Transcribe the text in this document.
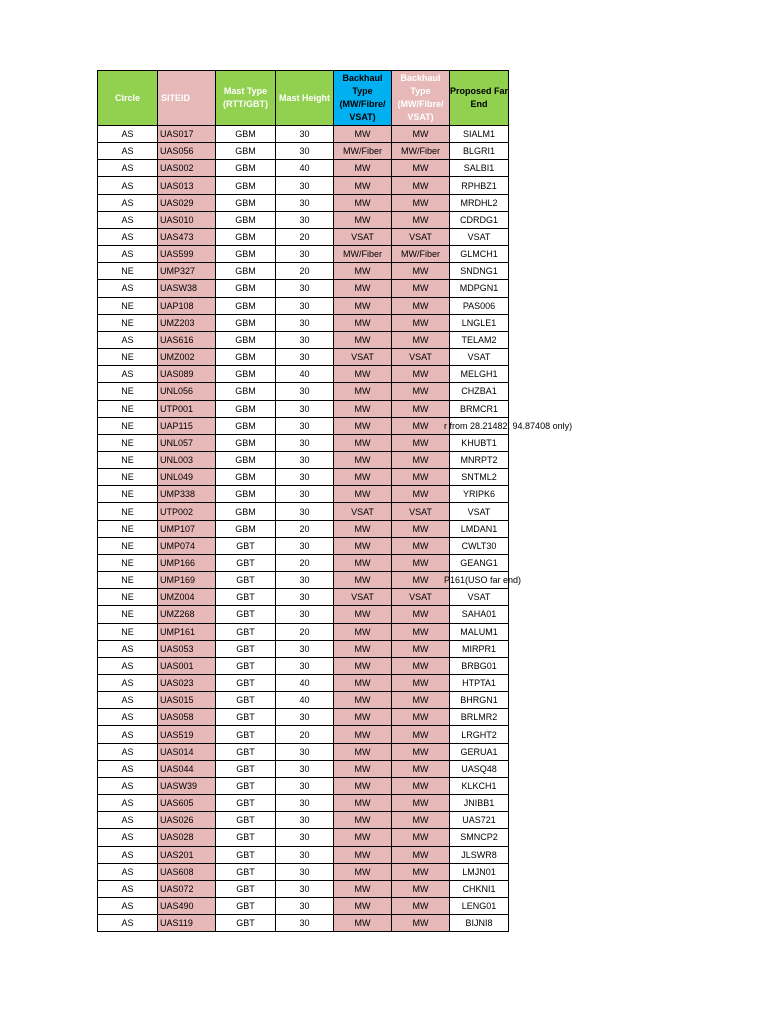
Circle	SITEID	Mast Type (RTT/GBT)	Mast Height	Backhaul Type (MW/Fibre/ VSAT)	Backhaul Type (MW/Fibre/ VSAT)	Proposed Far End
AS	UAS017	GBM	30	MW	MW	SIALM1
AS	UAS056	GBM	30	MW/Fiber	MW/Fiber	BLGRI1
AS	UAS002	GBM	40	MW	MW	SALBI1
AS	UAS013	GBM	30	MW	MW	RPHBZ1
AS	UAS029	GBM	30	MW	MW	MRDHL2
AS	UAS010	GBM	30	MW	MW	CDRDG1
AS	UAS473	GBM	20	VSAT	VSAT	VSAT
AS	UAS599	GBM	30	MW/Fiber	MW/Fiber	GLMCH1
NE	UMP327	GBM	20	MW	MW	SNDNG1
AS	UASW38	GBM	30	MW	MW	MDPGN1
NE	UAP108	GBM	30	MW	MW	PAS006
NE	UMZ203	GBM	30	MW	MW	LNGLE1
AS	UAS616	GBM	30	MW	MW	TELAM2
NE	UMZ002	GBM	30	VSAT	VSAT	VSAT
AS	UAS089	GBM	40	MW	MW	MELGH1
NE	UNL056	GBM	30	MW	MW	CHZBA1
NE	UTP001	GBM	30	MW	MW	BRMCR1
NE	UAP115	GBM	30	MW	MW	r from 28.21482, 94.87408 only)

NE	UNL057	GBM	30	MW	MW	KHUBT1
NE	UNL003	GBM	30	MW	MW	MNRPT2
NE	UNL049	GBM	30	MW	MW	SNTML2
NE	UMP338	GBM	30	MW	MW	YRIPK6
NE	UTP002	GBM	30	VSAT	VSAT	VSAT
NE	UMP107	GBM	20	MW	MW	LMDAN1
NE	UMP074	GBT	30	MW	MW	CWLT30
NE	UMP166	GBT	20	MW	MW	GEANG1
NE	UMP169	GBT	30	MW	MW	P161(USO far end)

NE	UMZ004	GBT	30	VSAT	VSAT	VSAT
NE	UMZ268	GBT	30	MW	MW	SAHA01
NE	UMP161	GBT	20	MW	MW	MALUM1
AS	UAS053	GBT	30	MW	MW	MIRPR1
AS	UAS001	GBT	30	MW	MW	BRBG01
AS	UAS023	GBT	40	MW	MW	HTPTA1
AS	UAS015	GBT	40	MW	MW	BHRGN1
AS	UAS058	GBT	30	MW	MW	BRLMR2
AS	UAS519	GBT	20	MW	MW	LRGHT2
AS	UAS014	GBT	30	MW	MW	GERUA1
AS	UAS044	GBT	30	MW	MW	UASQ48
AS	UASW39	GBT	30	MW	MW	KLKCH1
AS	UAS605	GBT	30	MW	MW	JNIBB1
AS	UAS026	GBT	30	MW	MW	UAS721
AS	UAS028	GBT	30	MW	MW	SMNCP2
AS	UAS201	GBT	30	MW	MW	JLSWR8
AS	UAS608	GBT	30	MW	MW	LMJN01
AS	UAS072	GBT	30	MW	MW	CHKNI1
AS	UAS490	GBT	30	MW	MW	LENG01
AS	UAS119	GBT	30	MW	MW	BIJNI8
